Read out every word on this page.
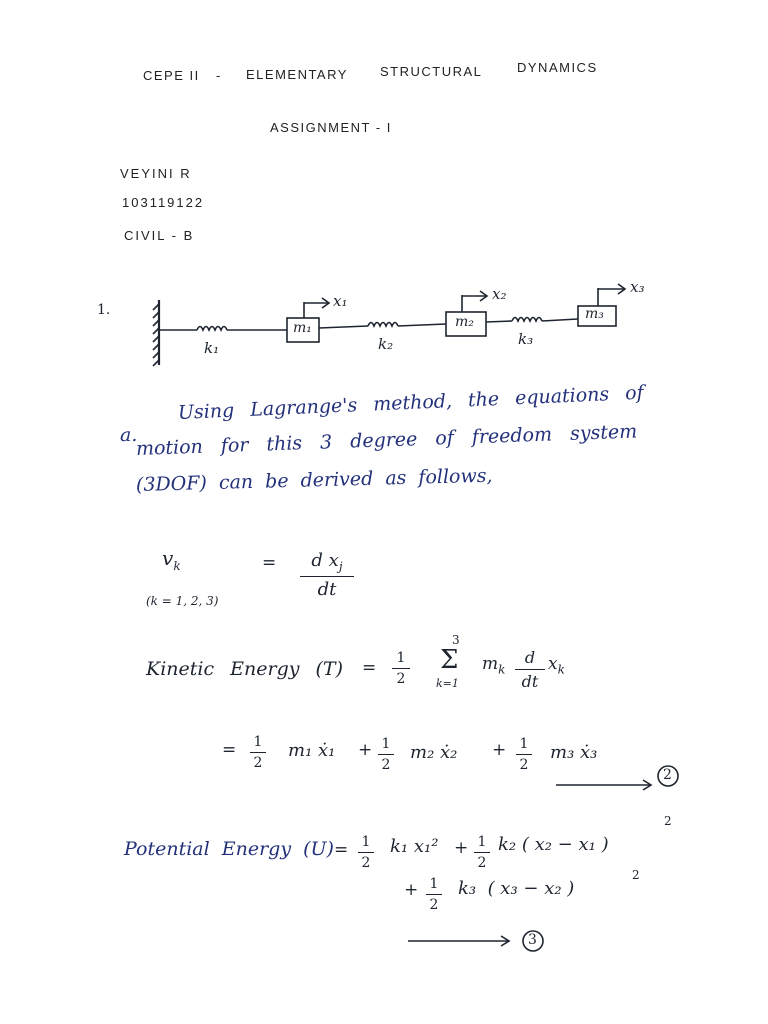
CEPE II - ELEMENTARY STRUCTURAL	DYNAMICS
ASSIGNMENT - I
VEYINI R
103119122
CIVIL - B
1.	x₁	x₂	x₃
m₁	m₂	m₃
k₁	k₂	k₃
a.
Using Lagrange's method, the equations of
motion for this 3 degree of freedom system
(3DOF) can be derived as follows,
$v_k$	=	d $x_j$
dt
(k = 1, 2, 3)
Kinetic Energy (T) =	1
2
3
Σ
k=1
$m_k$
d
dt
$x_k$
= 1
2
m₁ ẋ₁ + 1
2
m₂ ẋ₂ + 1
2
m₃ ẋ₃
2
Potential Energy (U) = 1
2
k₁ x₁² + 1
2
k₂ ( x₂ − x₁ )
2
+ 1
2
k₃  ( x₃ − x₂ )
2
3
